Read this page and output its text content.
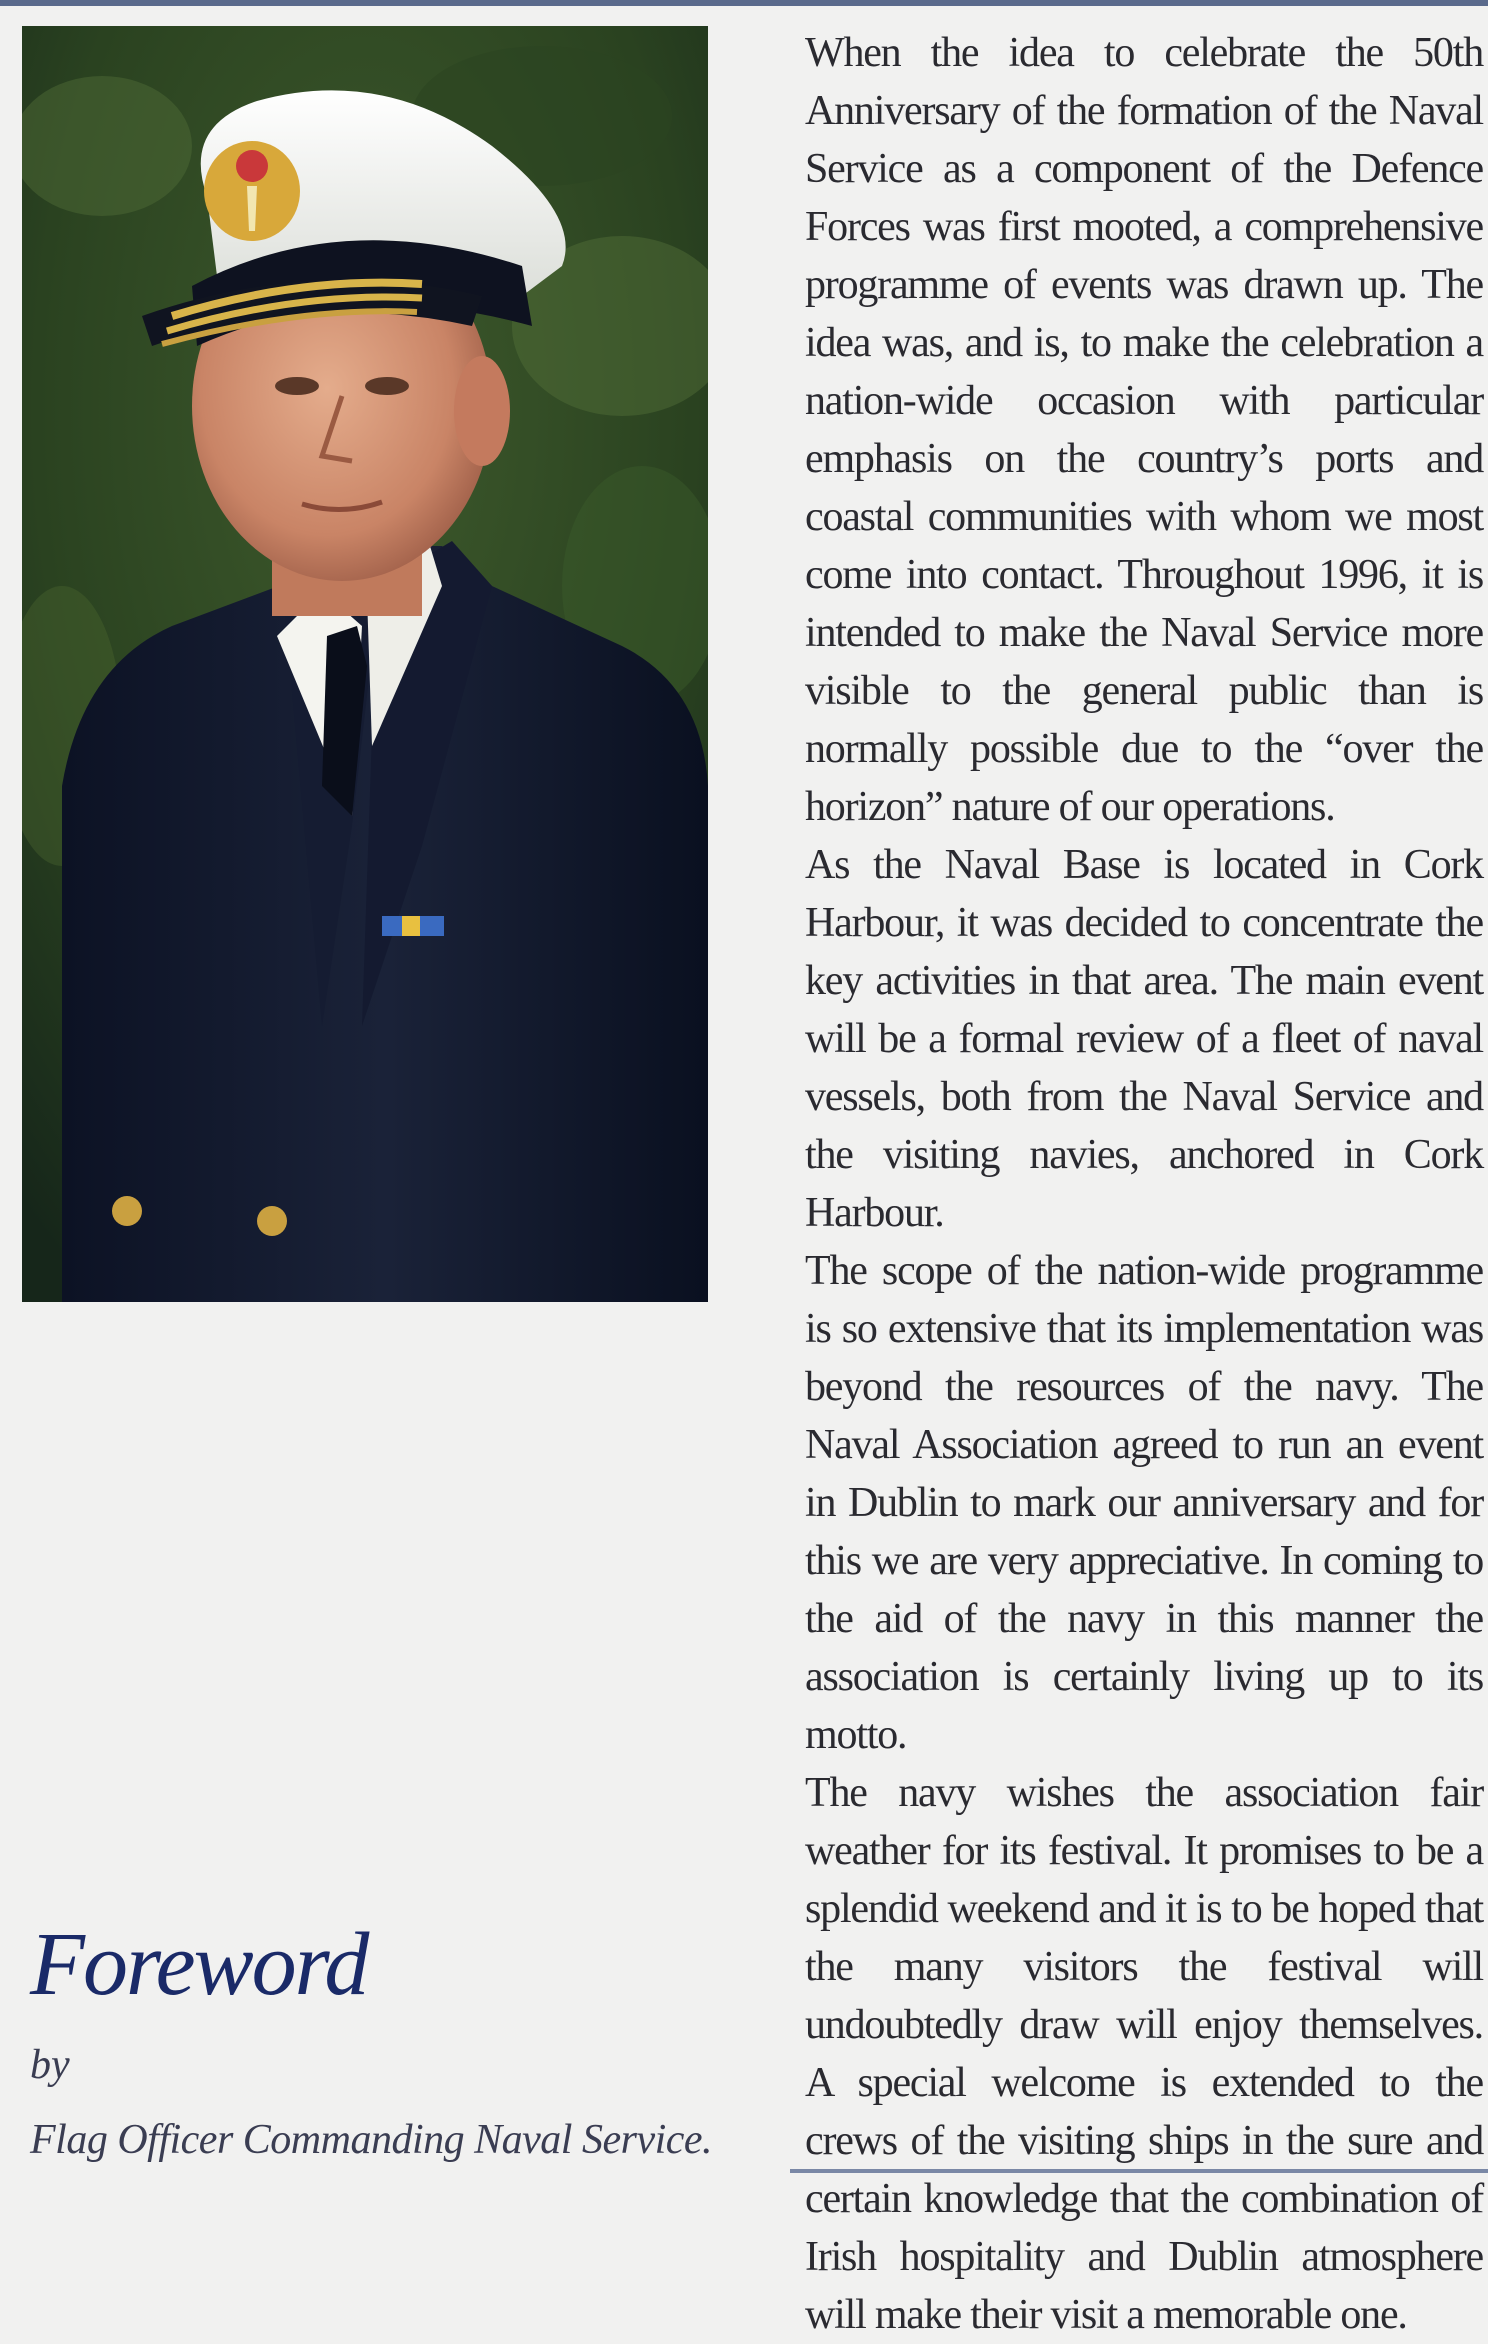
When the idea to celebrate the 50th Anniversary of the formation of the Naval Service as a component of the Defence Forces was first mooted, a comprehensive programme of events was drawn up. The idea was, and is, to make the celebration a nation-wide occasion with particular emphasis on the country’s ports and coastal communities with whom we most come into contact. Throughout 1996, it is intended to make the Naval Service more visible to the general public than is normally possible due to the “over the horizon” nature of our operations.

As the Naval Base is located in Cork Harbour, it was decided to concentrate the key activities in that area. The main event will be a formal review of a fleet of naval vessels, both from the Naval Service and the visiting navies, anchored in Cork Harbour.

The scope of the nation-wide programme is so extensive that its implementation was beyond the resources of the navy. The Naval Association agreed to run an event in Dublin to mark our anniversary and for this we are very appreciative. In coming to the aid of the navy in this manner the association is certainly living up to its motto.

The navy wishes the association fair weather for its festival. It promises to be a splendid weekend and it is to be hoped that the many visitors the festival will undoubtedly draw will enjoy themselves. A special welcome is extended to the crews of the visiting ships in the sure and certain knowledge that the combination of Irish hospitality and Dublin atmosphere will make their visit a memorable one.

Foreword
by
Flag Officer Commanding Naval Service.
